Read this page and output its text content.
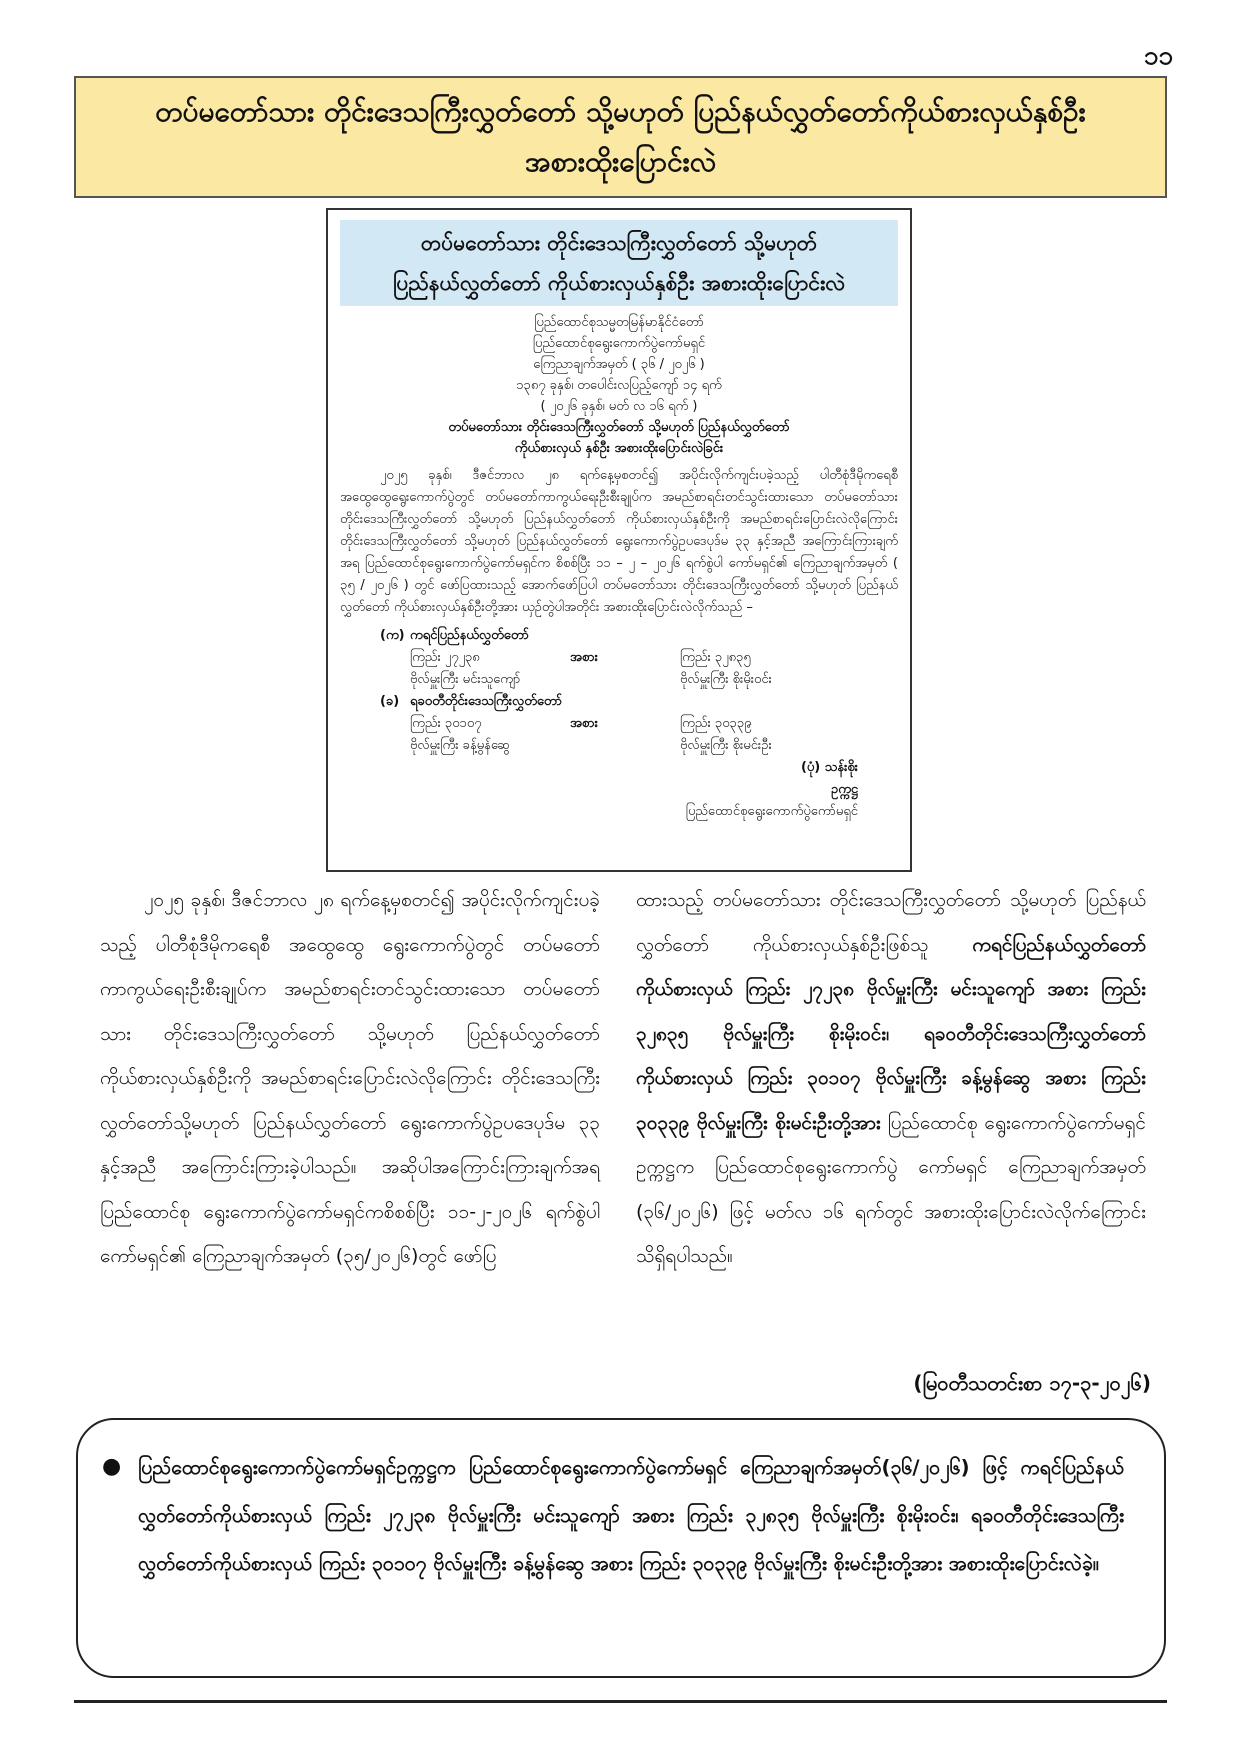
၁၁
တပ်မတော်သား တိုင်းဒေသကြီးလွှတ်တော် သို့မဟုတ် ပြည်နယ်လွှတ်တော်ကိုယ်စားလှယ်နှစ်ဦး
အစားထိုးပြောင်းလဲ
တပ်မတော်သား တိုင်းဒေသကြီးလွှတ်တော် သို့မဟုတ်
ပြည်နယ်လွှတ်တော် ကိုယ်စားလှယ်နှစ်ဦး အစားထိုးပြောင်းလဲ
ပြည်ထောင်စုသမ္မတမြန်မာနိုင်ငံတော်
ပြည်ထောင်စုရွေးကောက်ပွဲကော်မရှင်
ကြေညာချက်အမှတ် ( ၃၆ / ၂၀၂၆ )
၁၃၈၇ ခုနှစ်၊ တပေါင်းလပြည့်ကျော် ၁၄ ရက်
( ၂၀၂၆ ခုနှစ်၊ မတ် လ ၁၆ ရက် )
တပ်မတော်သား တိုင်းဒေသကြီးလွှတ်တော် သို့မဟုတ် ပြည်နယ်လွှတ်တော်
ကိုယ်စားလှယ် နှစ်ဦး အစားထိုးပြောင်းလဲခြင်း
၂၀၂၅ ခုနှစ်၊ ဒီဇင်ဘာလ ၂၈ ရက်နေ့မှစတင်၍ အပိုင်းလိုက်ကျင်းပခဲ့သည့် ပါတီစုံဒီမိုကရေစီ အထွေထွေရွေးကောက်ပွဲတွင် တပ်မတော်ကာကွယ်ရေးဦးစီးချုပ်က အမည်စာရင်းတင်သွင်းထားသော တပ်မတော်သား တိုင်းဒေသကြီးလွှတ်တော် သို့မဟုတ် ပြည်နယ်လွှတ်တော် ကိုယ်စားလှယ်နှစ်ဦးကို အမည်စာရင်းပြောင်းလဲလိုကြောင်း တိုင်းဒေသကြီးလွှတ်တော် သို့မဟုတ် ပြည်နယ်လွှတ်တော် ရွေးကောက်ပွဲဥပဒေပုဒ်မ ၃၃ နှင့်အညီ အကြောင်းကြားချက်အရ ပြည်ထောင်စုရွေးကောက်ပွဲကော်မရှင်က စိစစ်ပြီး ၁၁ – ၂ – ၂၀၂၆ ရက်စွဲပါ ကော်မရှင်၏ ကြေညာချက်အမှတ် ( ၃၅ / ၂၀၂၆ ) တွင် ဖော်ပြထားသည့် အောက်ဖော်ပြပါ တပ်မတော်သား တိုင်းဒေသကြီးလွှတ်တော် သို့မဟုတ် ပြည်နယ်လွှတ်တော် ကိုယ်စားလှယ်နှစ်ဦးတို့အား ယှဉ်တွဲပါအတိုင်း အစားထိုးပြောင်းလဲလိုက်သည် –
(က) ကရင်ပြည်နယ်လွှတ်တော်
ကြည်း ၂၇၂၃၈	အစား	ကြည်း ၃၂၈၃၅
ဗိုလ်မှူးကြီး မင်းသူကျော်	ဗိုလ်မှူးကြီး စိုးမိုးဝင်း
(ခ) ရခဝတီတိုင်းဒေသကြီးလွှတ်တော်
ကြည်း ၃၀၁၀၇	အစား	ကြည်း ၃၀၃၃၉
ဗိုလ်မှူးကြီး ခန့်မွန်ဆွေ	ဗိုလ်မှူးကြီး စိုးမင်းဦး
(ပုံ) သန်းစိုး
ဥက္ကဋ္ဌ
ပြည်ထောင်စုရွေးကောက်ပွဲကော်မရှင်

၂၀၂၅ ခုနှစ်၊ ဒီဇင်ဘာလ ၂၈ ရက်နေ့မှစတင်၍ အပိုင်းလိုက်ကျင်းပခဲ့သည့် ပါတီစုံဒီမိုကရေစီ အထွေထွေ ရွေးကောက်ပွဲတွင် တပ်မတော်ကာကွယ်ရေးဦးစီးချုပ်က အမည်စာရင်းတင်သွင်းထားသော တပ်မတော်သား တိုင်းဒေသကြီးလွှတ်တော် သို့မဟုတ် ပြည်နယ်လွှတ်တော် ကိုယ်စားလှယ်နှစ်ဦးကို အမည်စာရင်းပြောင်းလဲလိုကြောင်း တိုင်းဒေသကြီးလွှတ်တော်သို့မဟုတ် ပြည်နယ်လွှတ်တော် ရွေးကောက်ပွဲဥပဒေပုဒ်မ ၃၃ နှင့်အညီ အကြောင်းကြားခဲ့ပါသည်။ အဆိုပါအကြောင်းကြားချက်အရ ပြည်ထောင်စု ရွေးကောက်ပွဲကော်မရှင်ကစိစစ်ပြီး ၁၁-၂-၂၀၂၆ ရက်စွဲပါ ကော်မရှင်၏ ကြေညာချက်အမှတ် (၃၅/၂၀၂၆)တွင် ဖော်ပြ

ထားသည့် တပ်မတော်သား တိုင်းဒေသကြီးလွှတ်တော် သို့မဟုတ် ပြည်နယ်လွှတ်တော် ကိုယ်စားလှယ်နှစ်ဦးဖြစ်သူ ကရင်ပြည်နယ်လွှတ်တော်ကိုယ်စားလှယ် ကြည်း ၂၇၂၃၈ ဗိုလ်မှူးကြီး မင်းသူကျော် အစား ကြည်း ၃၂၈၃၅ ဗိုလ်မှူးကြီး စိုးမိုးဝင်း၊ ရခဝတီတိုင်းဒေသကြီးလွှတ်တော်ကိုယ်စားလှယ် ကြည်း ၃၀၁၀၇ ဗိုလ်မှူးကြီး ခန့်မွန်ဆွေ အစား ကြည်း ၃၀၃၃၉ ဗိုလ်မှူးကြီး စိုးမင်းဦးတို့အား ပြည်ထောင်စု ရွေးကောက်ပွဲကော်မရှင်ဥက္ကဋ္ဌက ပြည်ထောင်စုရွေးကောက်ပွဲ ကော်မရှင် ကြေညာချက်အမှတ် (၃၆/၂၀၂၆) ဖြင့် မတ်လ ၁၆ ရက်တွင် အစားထိုးပြောင်းလဲလိုက်ကြောင်း သိရှိရပါသည်။

(မြဝတီသတင်းစာ ၁၇-၃-၂၀၂၆)
● ပြည်ထောင်စုရွေးကောက်ပွဲကော်မရှင်ဥက္ကဋ္ဌက ပြည်ထောင်စုရွေးကောက်ပွဲကော်မရှင် ကြေညာချက်အမှတ်(၃၆/၂၀၂၆) ဖြင့် ကရင်ပြည်နယ်လွှတ်တော်ကိုယ်စားလှယ် ကြည်း ၂၇၂၃၈ ဗိုလ်မှူးကြီး မင်းသူကျော် အစား ကြည်း ၃၂၈၃၅ ဗိုလ်မှူးကြီး စိုးမိုးဝင်း၊ ရခဝတီတိုင်းဒေသကြီးလွှတ်တော်ကိုယ်စားလှယ် ကြည်း ၃၀၁၀၇ ဗိုလ်မှူးကြီး ခန့်မွန်ဆွေ အစား ကြည်း ၃၀၃၃၉ ဗိုလ်မှူးကြီး စိုးမင်းဦးတို့အား အစားထိုးပြောင်းလဲခဲ့။
